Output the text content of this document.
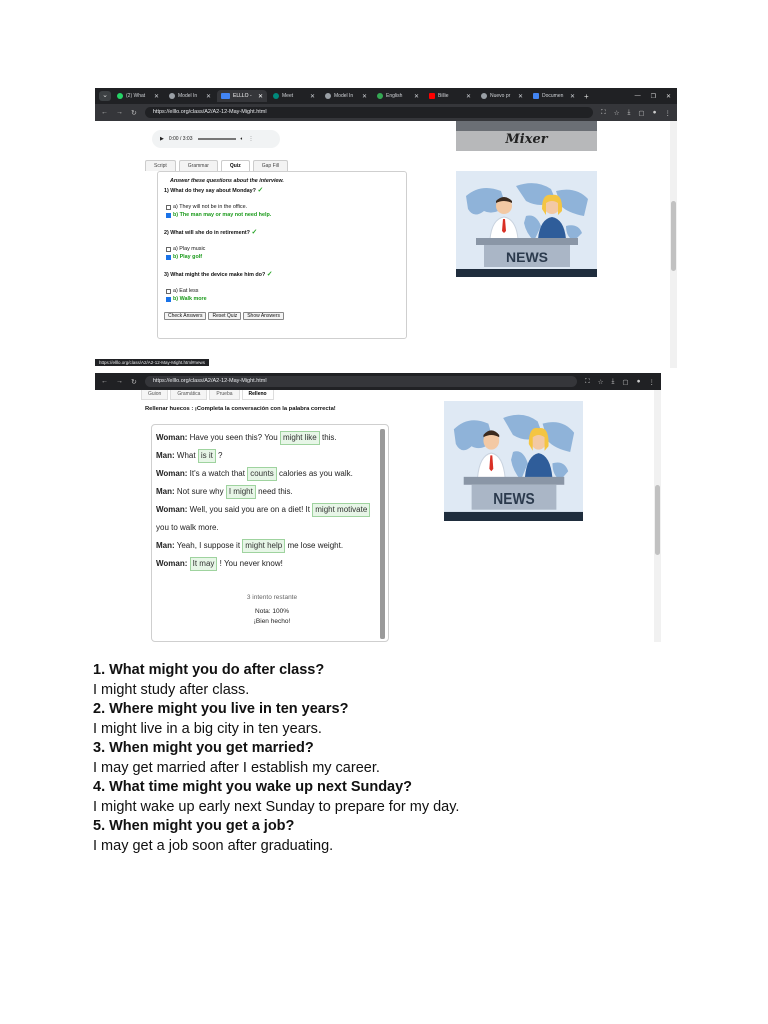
⌄	(2) What ✕	Model In ✕	ELLLO - ✕	Meet	✕	Model In ✕	English ✕	Billie	✕	Nuevo pr ✕	Documen ✕ +	— ❐ ✕
← → ↻	https://elllo.org/class/A2/A2-12-May-Might.html	⛶ ☆ ⤓ ▢ ● ⋮
▶ 0:00 / 3:03	🔈︎ ⋮
Script	Grammar	Quiz	Gap Fill
Answer these questions about the interview.
1) What do they say about Monday? ✓
a) They will not be in the office.
b) The man may or may not need help.
2) What will she do in retirement? ✓
a) Play music
b) Play golf
3) What might the device make him do? ✓
a) Eat less
b) Walk more
Check Answers	Reset Quiz	Show Answers
Mixer
NEWS
https://elllo.org/class/A2/A2-12-May-Might.html#news
← → ↻	https://elllo.org/class/A2/A2-12-May-Might.html	⛶ ☆ ⤓ ▢ ● ⋮
Guion	Gramática	Prueba	Relleno
Rellenar huecos : ¡Completa la conversación con la palabra correcta!
Woman: Have you seen this? You might like this.
Man: What is it ?
Woman: It's a watch that counts calories as you walk.
Man: Not sure why I might need this.
Woman: Well, you said you are on a diet! It might motivate you to walk more.
Man: Yeah, I suppose it might help me lose weight.
Woman: It may ! You never know!
3 intento restante
Nota: 100%
¡Bien hecho!
NEWS
1. What might you do after class?
I might study after class.
2. Where might you live in ten years?
I might live in a big city in ten years.
3. When might you get married?
I may get married after I establish my career.
4. What time might you wake up next Sunday?
I might wake up early next Sunday to prepare for my day.
5. When might you get a job?
I may get a job soon after graduating.
